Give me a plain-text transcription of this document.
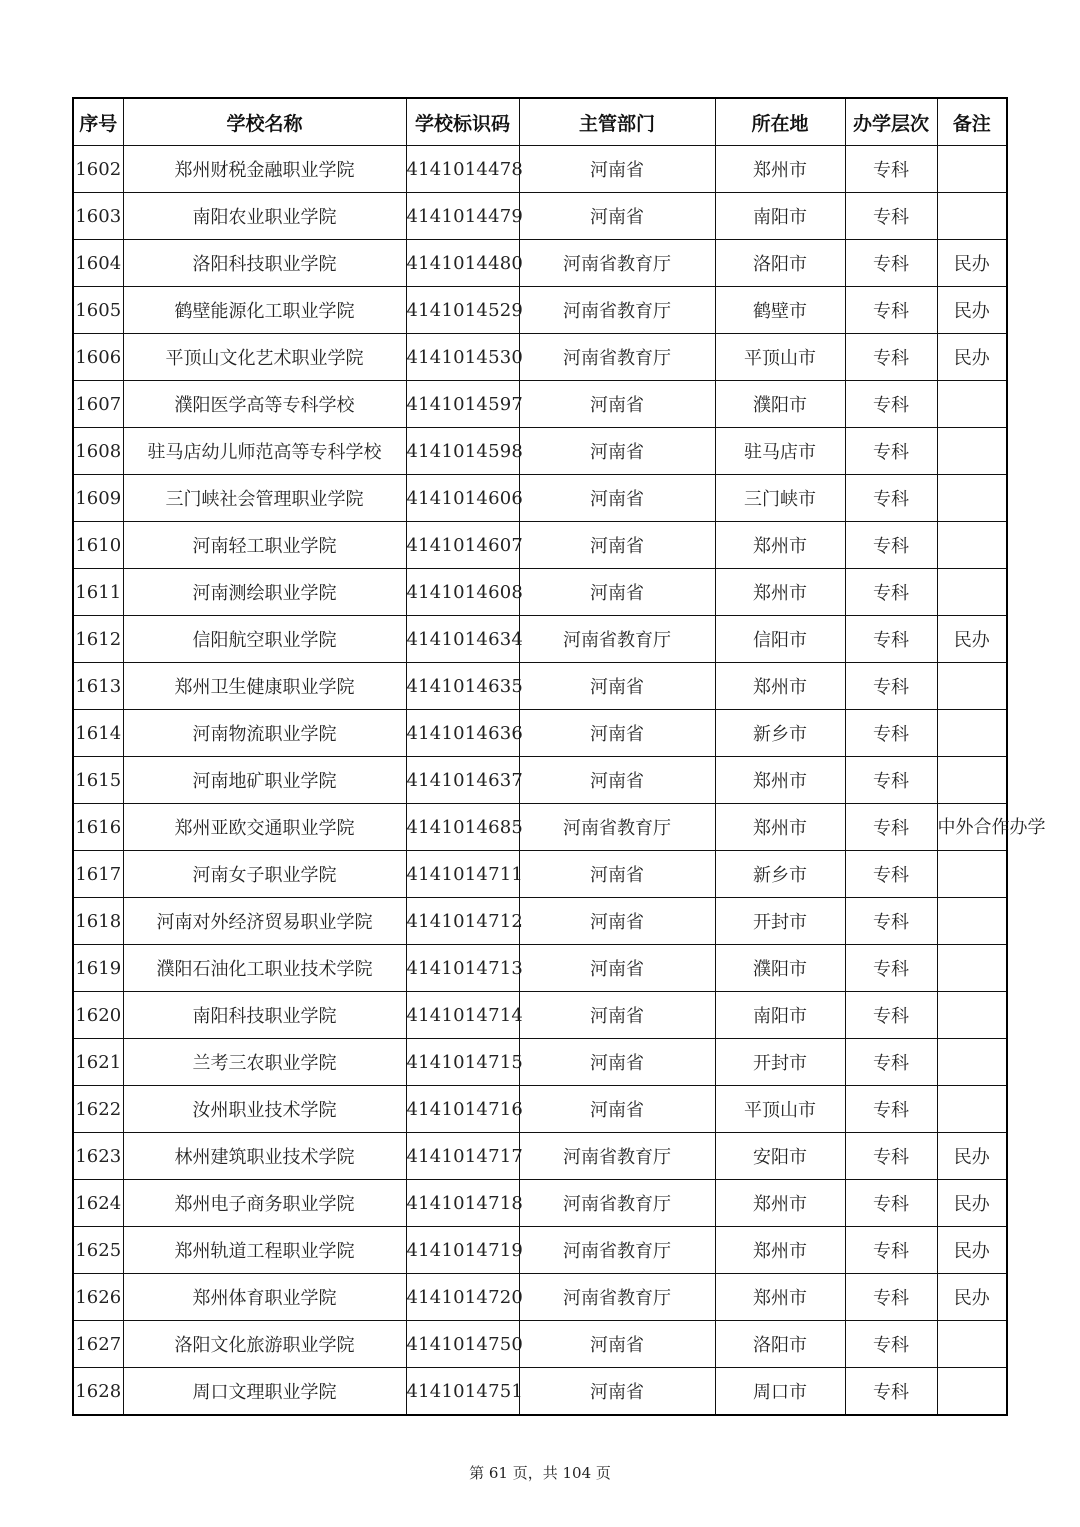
序号	学校名称	学校标识码	主管部门	所在地	办学层次	备注
1602	郑州财税金融职业学院	4141014478	河南省	郑州市	专科	
1603	南阳农业职业学院	4141014479	河南省	南阳市	专科	
1604	洛阳科技职业学院	4141014480	河南省教育厅	洛阳市	专科	民办
1605	鹤壁能源化工职业学院	4141014529	河南省教育厅	鹤壁市	专科	民办
1606	平顶山文化艺术职业学院	4141014530	河南省教育厅	平顶山市	专科	民办
1607	濮阳医学高等专科学校	4141014597	河南省	濮阳市	专科	
1608	驻马店幼儿师范高等专科学校	4141014598	河南省	驻马店市	专科	
1609	三门峡社会管理职业学院	4141014606	河南省	三门峡市	专科	
1610	河南轻工职业学院	4141014607	河南省	郑州市	专科	
1611	河南测绘职业学院	4141014608	河南省	郑州市	专科	
1612	信阳航空职业学院	4141014634	河南省教育厅	信阳市	专科	民办
1613	郑州卫生健康职业学院	4141014635	河南省	郑州市	专科	
1614	河南物流职业学院	4141014636	河南省	新乡市	专科	
1615	河南地矿职业学院	4141014637	河南省	郑州市	专科	
1616	郑州亚欧交通职业学院	4141014685	河南省教育厅	郑州市	专科	中外合作办学
1617	河南女子职业学院	4141014711	河南省	新乡市	专科	
1618	河南对外经济贸易职业学院	4141014712	河南省	开封市	专科	
1619	濮阳石油化工职业技术学院	4141014713	河南省	濮阳市	专科	
1620	南阳科技职业学院	4141014714	河南省	南阳市	专科	
1621	兰考三农职业学院	4141014715	河南省	开封市	专科	
1622	汝州职业技术学院	4141014716	河南省	平顶山市	专科	
1623	林州建筑职业技术学院	4141014717	河南省教育厅	安阳市	专科	民办
1624	郑州电子商务职业学院	4141014718	河南省教育厅	郑州市	专科	民办
1625	郑州轨道工程职业学院	4141014719	河南省教育厅	郑州市	专科	民办
1626	郑州体育职业学院	4141014720	河南省教育厅	郑州市	专科	民办
1627	洛阳文化旅游职业学院	4141014750	河南省	洛阳市	专科	
1628	周口文理职业学院	4141014751	河南省	周口市	专科	
第 61 页，共 104 页
